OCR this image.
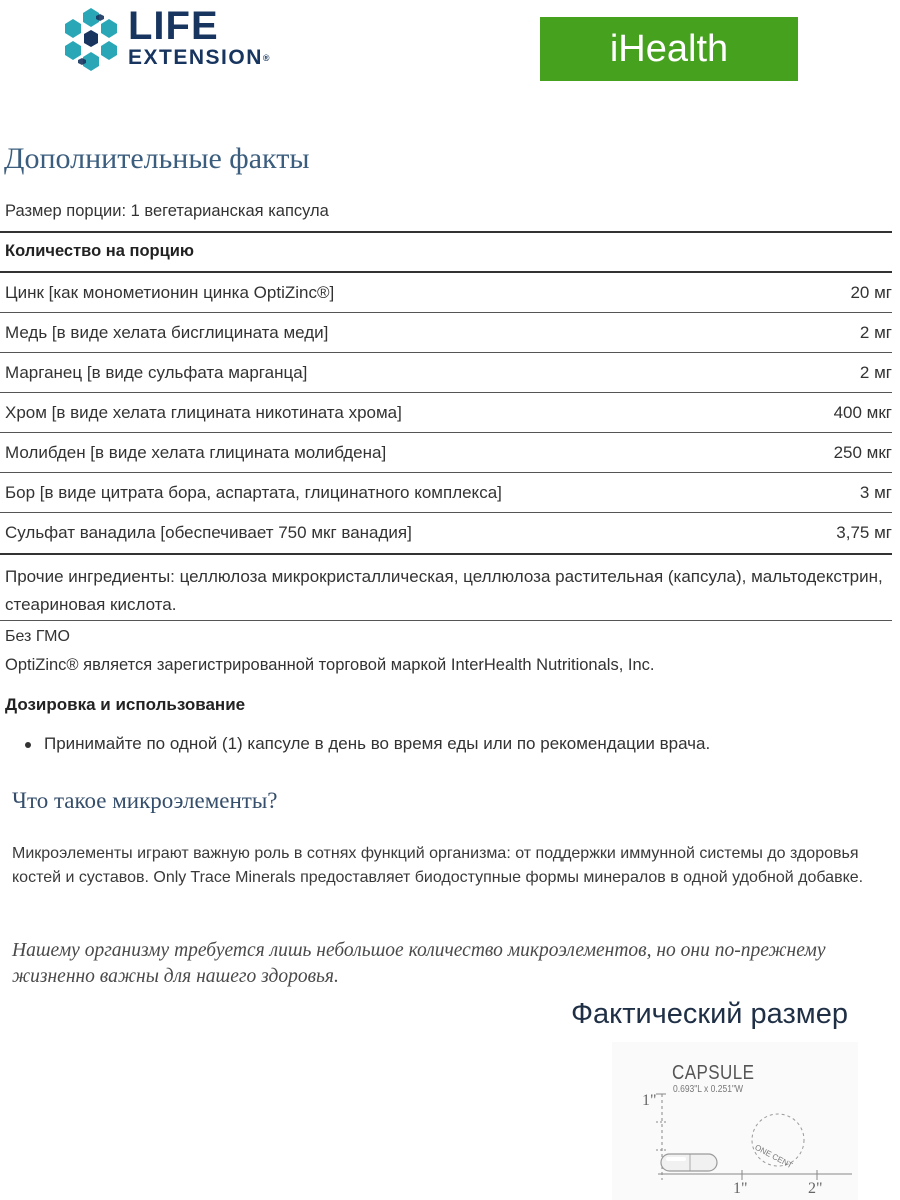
LIFE
EXTENSION®	iHealth
Дополнительные факты
Размер порции: 1 вегетарианская капсула
Количество на порцию
Цинк [как монометионин цинка OptiZinc®]	20 мг
Медь [в виде хелата бисглицината меди]	2 мг
Марганец [в виде сульфата марганца]	2 мг
Хром [в виде хелата глицината никотината хрома]	400 мкг
Молибден [в виде хелата глицината молибдена]	250 мкг
Бор [в виде цитрата бора, аспартата, глицинатного комплекса]	3 мг
Сульфат ванадила [обеспечивает 750 мкг ванадия]	3,75 мг
Прочие ингредиенты: целлюлоза микрокристаллическая, целлюлоза растительная (капсула), мальтодекстрин, стеариновая кислота.
Без ГМО
OptiZinc® является зарегистрированной торговой маркой InterHealth Nutritionals, Inc.
Дозировка и использование
Принимайте по одной (1) капсуле в день во время еды или по рекомендации врача.
Что такое микроэлементы?
Микроэлементы играют важную роль в сотнях функций организма: от поддержки иммунной системы до здоровья костей и суставов. Only Trace Minerals предоставляет биодоступные формы минералов в одной удобной добавке.
Нашему организму требуется лишь небольшое количество микроэлементов, но они по-прежнему жизненно важны для нашего здоровья.
Фактический размер
CAPSULE
0.693"L x 0.251"W
1"
1"	2"
ONE CENT
